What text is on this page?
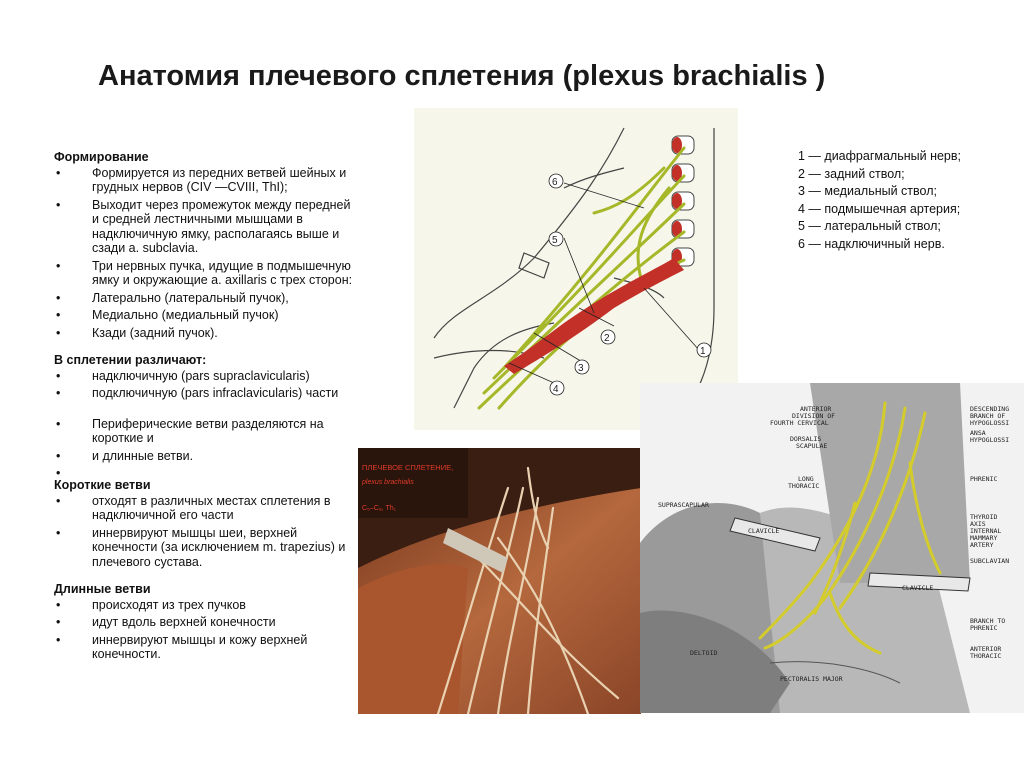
Анатомия плечевого сплетения (plexus brachialis )

Формирование

• Формируется из передних ветвей шейных и грудных нервов (CIV —CVIII, ThI);
• Выходит через промежуток между передней и средней лестничными мышцами в надключичную ямку, располагаясь выше и сзади a. subclavia.
• Три нервных пучка, идущие в подмышечную ямку и окружающие a. axillaris с трех сторон:
• Латерально (латеральный пучок),
• Медиально (медиальный пучок)
• Кзади (задний пучок).

В сплетении различают:

• надключичную (pars supraclavicularis)
• подключичную (pars infraclavicularis) части
• Периферические ветви разделяются на короткие и
• и длинные ветви.
•

Короткие ветви

• отходят в различных местах сплетения в надключичной его части
• иннервируют мышцы шеи, верхней конечности (за исключением m. trapezius) и плечевого сустава.

Длинные ветви

• происходят из трех пучков
• идут вдоль верхней конечности
• иннервируют мышцы и кожу верхней конечности.
1 — диафрагмальный нерв;
2 — задний ствол;
3 — медиальный ствол;
4 — подмышечная артерия;
5 — латеральный ствол;
6 — надключичный нерв.
6
5
2
3
4
1
ПЛЕЧЕВОЕ СПЛЕТЕНИЕ,
plexus brachialis
C₅–C₈, Th₁
ANTERIOR
DIVISION OF
FOURTH CERVICAL
DORSALIS
SCAPULAE
LONG
THORACIC
SUPRASCAPULAR
CLAVICLE
CLAVICLE
DELTOID
PECTORALIS MAJOR
DESCENDING
BRANCH OF
HYPOGLOSSI
ANSA
HYPOGLOSSI
PHRENIC
THYROID
AXIS
INTERNAL
MAMMARY
ARTERY
SUBCLAVIAN
BRANCH TO
PHRENIC
ANTERIOR
THORACIC
